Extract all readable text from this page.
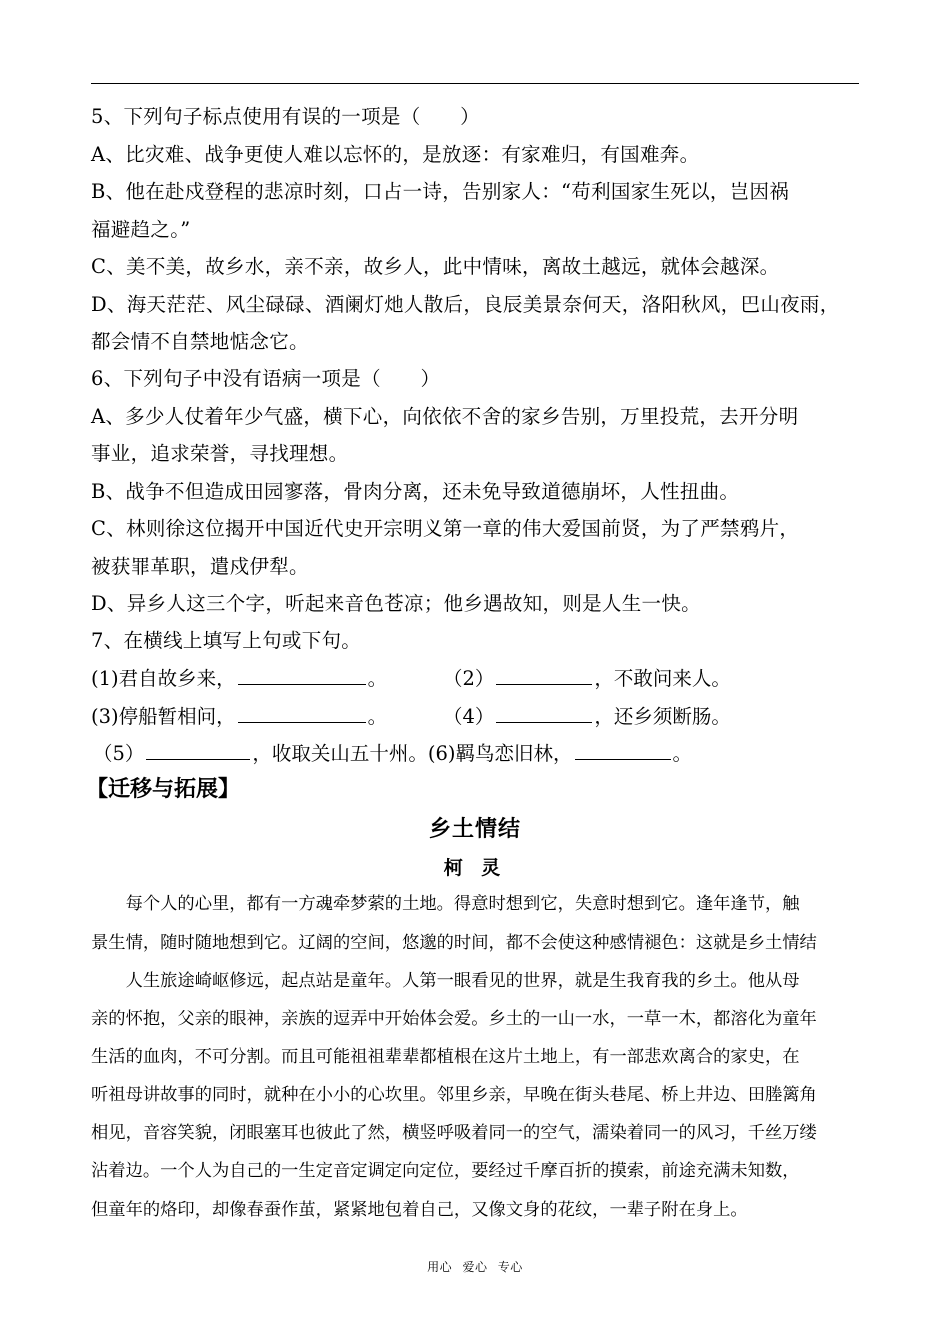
5、下列句子标点使用有误的一项是（　　）

A、比灾难、战争更使人难以忘怀的，是放逐：有家难归，有国难奔。

B、他在赴戍登程的悲凉时刻，口占一诗，告别家人：“苟利国家生死以，岂因祸

福避趋之。”

C、美不美，故乡水，亲不亲，故乡人，此中情味，离故土越远，就体会越深。

D、海天茫茫、风尘碌碌、酒阑灯灺人散后，良辰美景奈何天，洛阳秋风，巴山夜雨，

都会情不自禁地惦念它。

6、下列句子中没有语病一项是（　　）

A、多少人仗着年少气盛，横下心，向依依不舍的家乡告别，万里投荒，去开分明

事业，追求荣誉，寻找理想。

B、战争不但造成田园寥落，骨肉分离，还未免导致道德崩坏，人性扭曲。

C、林则徐这位揭开中国近代史开宗明义第一章的伟大爱国前贤，为了严禁鸦片，

被获罪革职，遣戍伊犁。

D、异乡人这三个字，听起来音色苍凉；他乡遇故知，则是人生一快。

7、在横线上填写上句或下句。

(1)君自故乡来，	。	（2）	，不敢问来人。
(3)停船暂相问，	。	（4）	，还乡须断肠。
（5）	，收取关山五十州。(6)羁鸟恋旧林，	。
【迁移与拓展】
乡土情结
柯 灵
　　每个人的心里，都有一方魂牵梦萦的土地。得意时想到它，失意时想到它。逢年逢节，触
景生情，随时随地想到它。辽阔的空间，悠邈的时间，都不会使这种感情褪色：这就是乡土情结
　　人生旅途崎岖修远，起点站是童年。人第一眼看见的世界，就是生我育我的乡土。他从母
亲的怀抱，父亲的眼神，亲族的逗弄中开始体会爱。乡土的一山一水，一草一木，都溶化为童年
生活的血肉，不可分割。而且可能祖祖辈辈都植根在这片土地上，有一部悲欢离合的家史，在
听祖母讲故事的同时，就种在小小的心坎里。邻里乡亲，早晚在街头巷尾、桥上井边、田塍篱角
相见，音容笑貌，闭眼塞耳也彼此了然，横竖呼吸着同一的空气，濡染着同一的风习，千丝万缕
沾着边。一个人为自己的一生定音定调定向定位，要经过千摩百折的摸索，前途充满未知数，
但童年的烙印，却像春蚕作茧，紧紧地包着自己，又像文身的花纹，一辈子附在身上。
用心 爱心 专心
